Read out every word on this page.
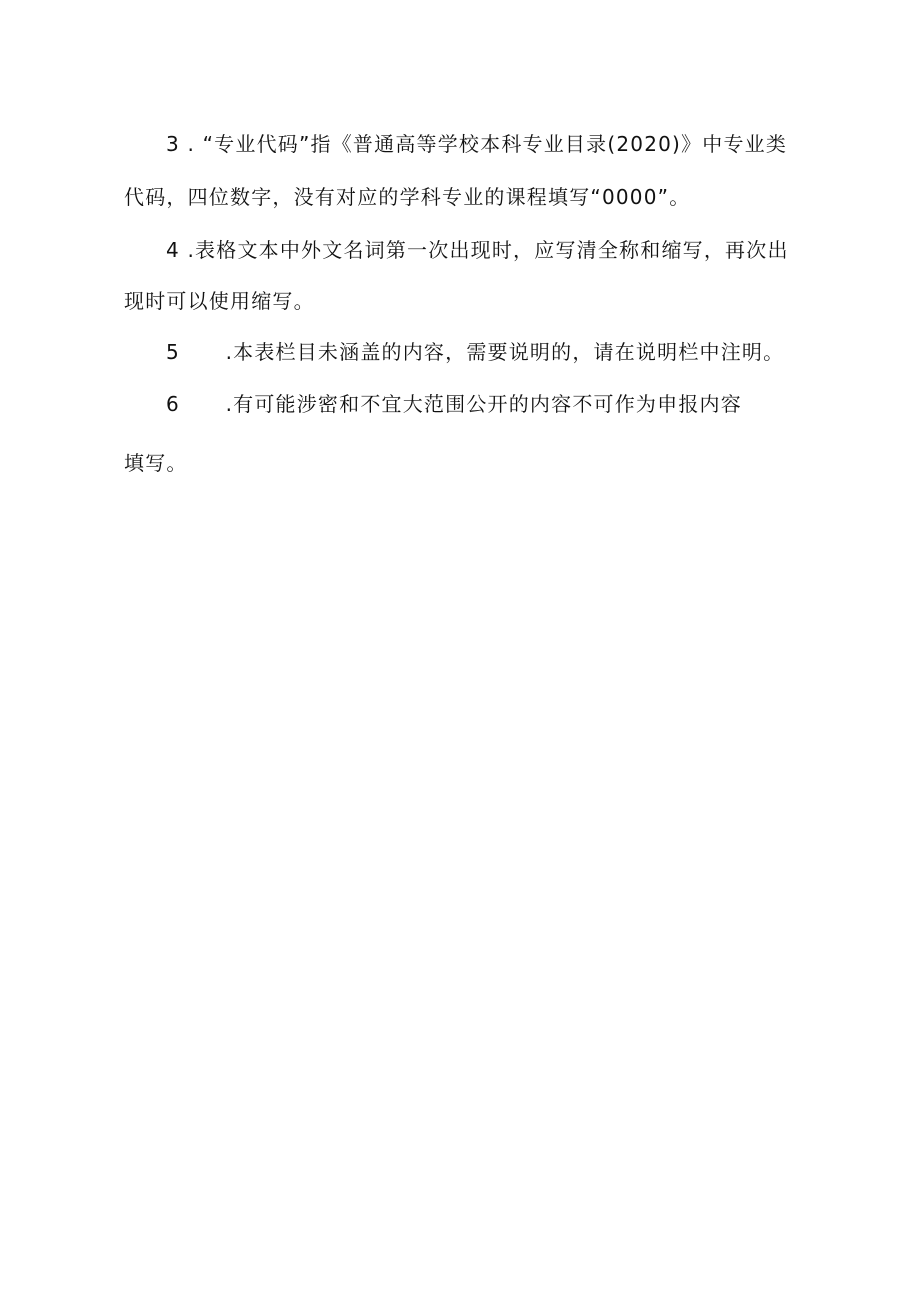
3 . “专业代码”指《普通高等学校本科专业目录(2020)》中专业类
代码，四位数字，没有对应的学科专业的课程填写“0000”。
4 .表格文本中外文名词第一次出现时，应写清全称和缩写，再次出
现时可以使用缩写。
5 .本表栏目未涵盖的内容，需要说明的，请在说明栏中注明。
6 .有可能涉密和不宜大范围公开的内容不可作为申报内容
填写。
